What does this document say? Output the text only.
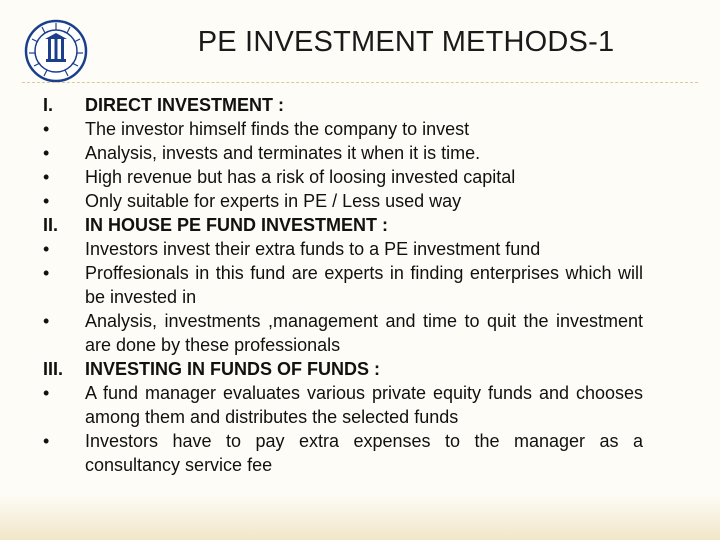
PE INVESTMENT METHODS-1
I.	DIRECT INVESTMENT :
•	The investor himself finds the company to invest
•	Analysis, invests and terminates it when it is time.
•	High revenue but has a risk of loosing invested capital
•	Only suitable for experts in PE / Less used way
II.	IN HOUSE PE FUND INVESTMENT :
•	Investors invest their extra funds to a PE investment fund
•	Proffesionals in this fund are experts in finding enterprises which will be invested in
•	Analysis, investments ,management and time to quit the investment are done by these professionals
III.	INVESTING IN FUNDS OF FUNDS :
•	A fund manager evaluates various private equity funds and chooses among them and distributes the selected funds
•	Investors have to pay extra expenses to the manager as a consultancy service fee
